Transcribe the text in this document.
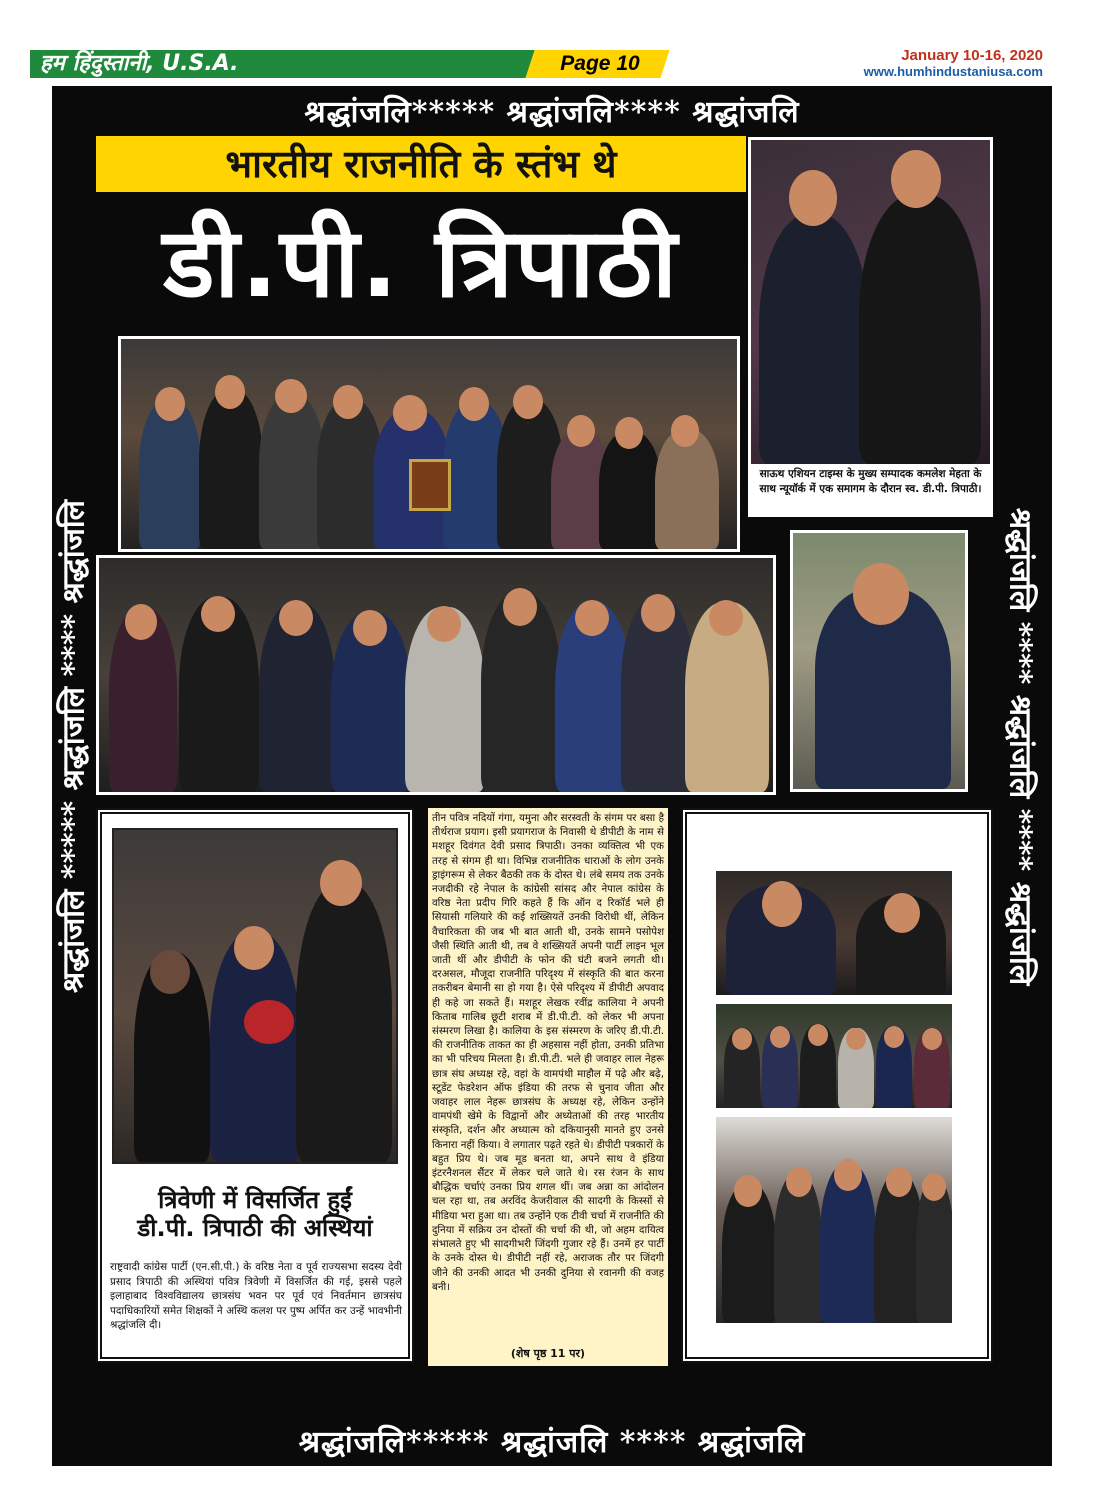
हम हिंदुस्तानी, U.S.A.	Page 10	January 10-16, 2020
www.humhindustaniusa.com
श्रद्धांजलि***** श्रद्धांजलि**** श्रद्धांजलि
श्रद्धांजलि***** श्रद्धांजलि **** श्रद्धांजलि
श्रद्धांजलि ***** श्रद्धांजलि **** श्रद्धांजलि	श्रद्धांजलि **** श्रद्धांजलि **** श्रद्धांजलि
भारतीय राजनीति के स्तंभ थे
डी.पी. त्रिपाठी
साऊथ एशियन टाइम्स के मुख्य सम्पादक कमलेश मेहता के साथ न्यूयॉर्क में एक समागम के दौरान स्व. डी.पी. त्रिपाठी।
त्रिवेणी में विसर्जित हुईं
डी.पी. त्रिपाठी की अस्थियां
राष्ट्रवादी कांग्रेस पार्टी (एन.सी.पी.) के वरिष्ठ नेता व पूर्व राज्यसभा सदस्य देवी प्रसाद त्रिपाठी की अस्थियां पवित्र त्रिवेणी में विसर्जित की गई, इससे पहले इलाहाबाद विश्वविद्यालय छात्रसंघ भवन पर पूर्व एवं निवर्तमान छात्रसंघ पदाधिकारियों समेत शिक्षकों ने अस्थि कलश पर पुष्प अर्पित कर उन्हें भावभीनी श्रद्धांजलि दी।
तीन पवित्र नदियों गंगा, यमुना और सरस्वती के संगम पर बसा है तीर्थराज प्रयाग। इसी प्रयागराज के निवासी थे डीपीटी के नाम से मशहूर दिवंगत देवी प्रसाद त्रिपाठी। उनका व्यक्तित्व भी एक तरह से संगम ही था। विभिन्न राजनीतिक धाराओं के लोग उनके ड्राइंगरूम से लेकर बैठकी तक के दोस्त थे। लंबे समय तक उनके नजदीकी रहे नेपाल के कांग्रेसी सांसद और नेपाल कांग्रेस के वरिष्ठ नेता प्रदीप गिरि कहते हैं कि ऑन द रिकॉर्ड भले ही सियासी गलियारे की कई शख्सियतें उनकी विरोधी थीं, लेकिन वैचारिकता की जब भी बात आती थी, उनके सामने पसोपेश जैसी स्थिति आती थी, तब वे शख्सियतें अपनी पार्टी लाइन भूल जाती थीं और डीपीटी के फोन की घंटी बजने लगती थी। दरअसल, मौजूदा राजनीति परिदृश्य में संस्कृति की बात करना तकरीबन बेमानी सा हो गया है। ऐसे परिदृश्य में डीपीटी अपवाद ही कहे जा सकते हैं। मशहूर लेखक रवींद्र कालिया ने अपनी किताब गालिब छूटी शराब में डी.पी.टी. को लेकर भी अपना संस्मरण लिखा है। कालिया के इस संस्मरण के जरिए डी.पी.टी. की राजनीतिक ताकत का ही अहसास नहीं होता, उनकी प्रतिभा का भी परिचय मिलता है। डी.पी.टी. भले ही जवाहर लाल नेहरू छात्र संघ अध्यक्ष रहे, वहां के वामपंथी माहौल में पढ़े और बढ़े, स्टूडेंट फेडरेशन ऑफ इंडिया की तरफ से चुनाव जीता और जवाहर लाल नेहरू छात्रसंघ के अध्यक्ष रहे, लेकिन उन्होंने वामपंथी खेमे के विद्वानों और अध्येताओं की तरह भारतीय संस्कृति, दर्शन और अध्यात्म को दकियानुसी मानते हुए उनसे किनारा नहीं किया। वे लगातार पढ़ते रहते थे। डीपीटी पत्रकारों के बहुत प्रिय थे। जब मूड बनता था, अपने साथ वे इंडिया इंटरनैशनल सैंटर में लेकर चले जाते थे। रस रंजन के साथ बौद्धिक चर्चाएं उनका प्रिय शगल थीं। जब अन्ना का आंदोलन चल रहा था, तब अरविंद केजरीवाल की सादगी के किस्सों से मीडिया भरा हुआ था। तब उन्होंने एक टीवी चर्चा में राजनीति की दुनिया में सक्रिय उन दोस्तों की चर्चा की थी, जो अहम दायित्व संभालते हुए भी सादगीभरी जिंदगी गुजार रहे हैं। उनमें हर पार्टी के उनके दोस्त थे। डीपीटी नहीं रहे, अराजक तौर पर जिंदगी जीने की उनकी आदत भी उनकी दुनिया से रवानगी की वजह बनी।
(शेष पृष्ठ 11 पर)
